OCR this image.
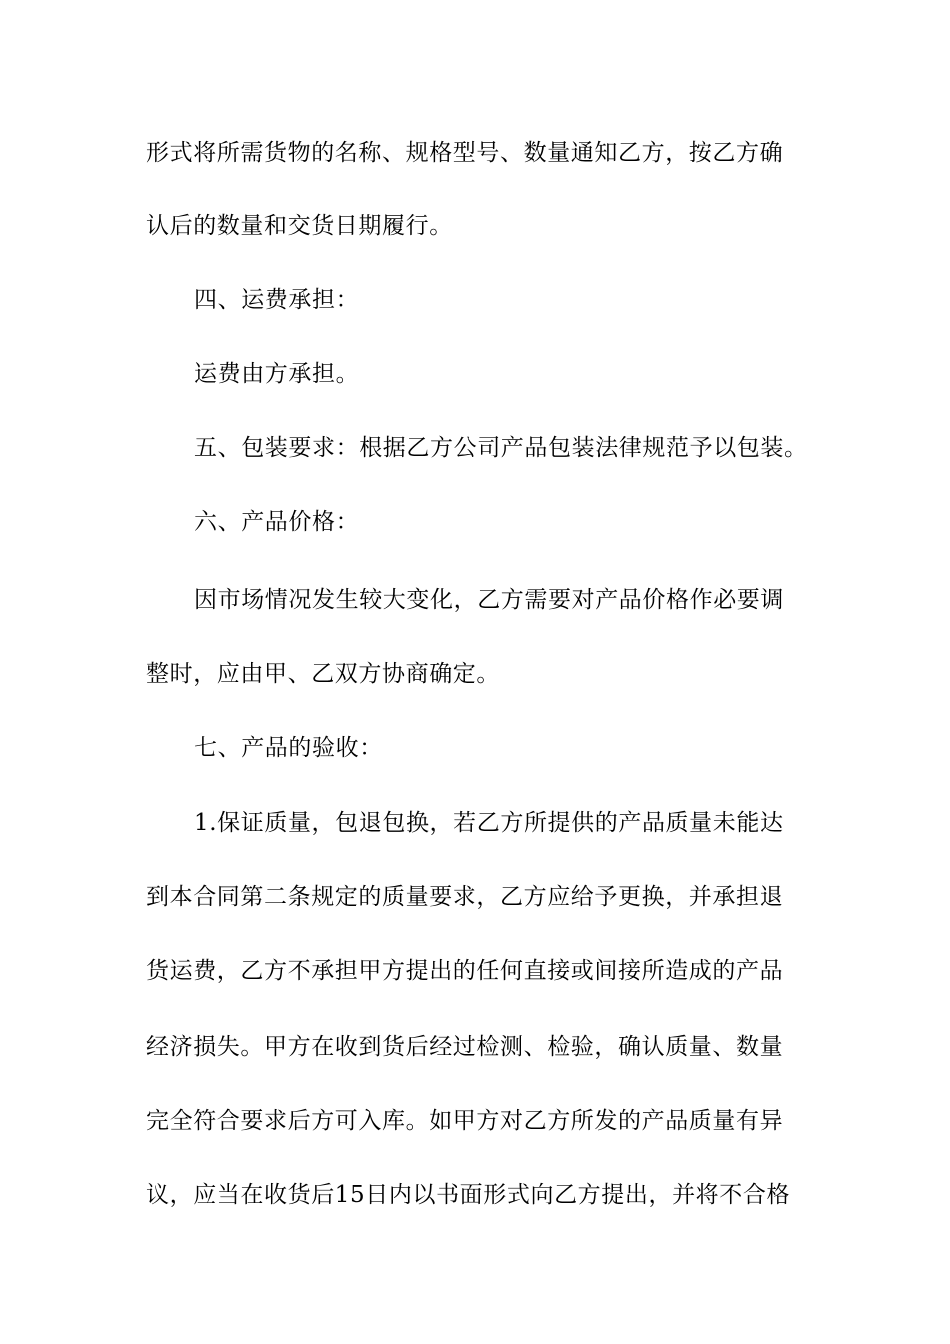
形式将所需货物的名称、规格型号、数量通知乙方，按乙方确
认后的数量和交货日期履行。
四、运费承担：
运费由方承担。
五、包装要求：根据乙方公司产品包装法律规范予以包装。
六、产品价格：
因市场情况发生较大变化，乙方需要对产品价格作必要调
整时，应由甲、乙双方协商确定。
七、产品的验收：
1.保证质量，包退包换，若乙方所提供的产品质量未能达
到本合同第二条规定的质量要求，乙方应给予更换，并承担退
货运费，乙方不承担甲方提出的任何直接或间接所造成的产品
经济损失。甲方在收到货后经过检测、检验，确认质量、数量
完全符合要求后方可入库。如甲方对乙方所发的产品质量有异
议，应当在收货后15日内以书面形式向乙方提出，并将不合格
